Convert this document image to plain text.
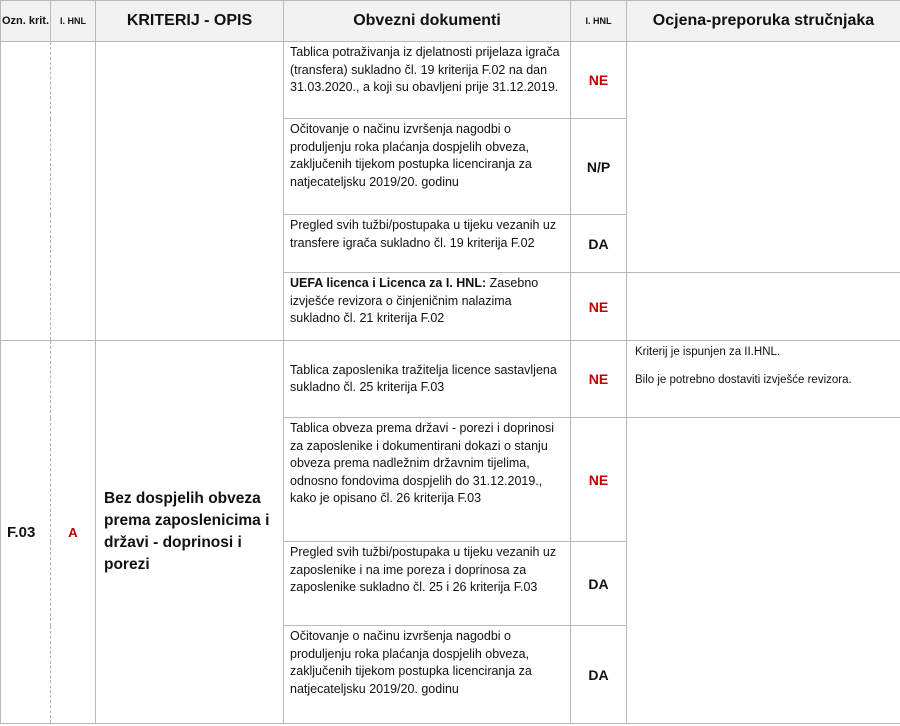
Ozn. krit.	I. HNL	KRITERIJ - OPIS	Obvezni dokumenti	I. HNL	Ocjena-preporuka stručnjaka
			Tablica potraživanja iz djelatnosti prijelaza igrača (transfera) sukladno čl. 19 kriterija F.02 na dan 31.03.2020., a koji su obavljeni prije 31.12.2019.	NE	
			Očitovanje o načinu izvršenja nagodbi o produljenju roka plaćanja dospjelih obveza, zaključenih tijekom postupka licenciranja za natjecateljsku 2019/20. godinu	N/P	
			Pregled svih tužbi/postupaka u tijeku vezanih uz transfere igrača sukladno čl. 19 kriterija F.02	DA	
			UEFA licenca i Licenca za I. HNL: Zasebno izvješće revizora o činjeničnim nalazima sukladno čl. 21 kriterija F.02	NE	
F.03	A	Bez dospjelih obveza prema zaposlenicima i državi - doprinosi i porezi	Tablica zaposlenika tražitelja licence sastavljena sukladno čl. 25 kriterija F.03	NE	Kriterij je ispunjen za II.HNL.
Bilo je potrebno dostaviti izvješće revizora.

			Tablica obveza prema državi - porezi i doprinosi za zaposlenike i dokumentirani dokazi o stanju obveza prema nadležnim državnim tijelima, odnosno fondovima dospjelih do 31.12.2019., kako je opisano čl. 26 kriterija F.03	NE	
			Pregled svih tužbi/postupaka u tijeku vezanih uz zaposlenike i na ime poreza i doprinosa za zaposlenike sukladno čl. 25 i 26 kriterija F.03	DA	
			Očitovanje o načinu izvršenja nagodbi o produljenju roka plaćanja dospjelih obveza, zaključenih tijekom postupka licenciranja za natjecateljsku 2019/20. godinu	DA	
